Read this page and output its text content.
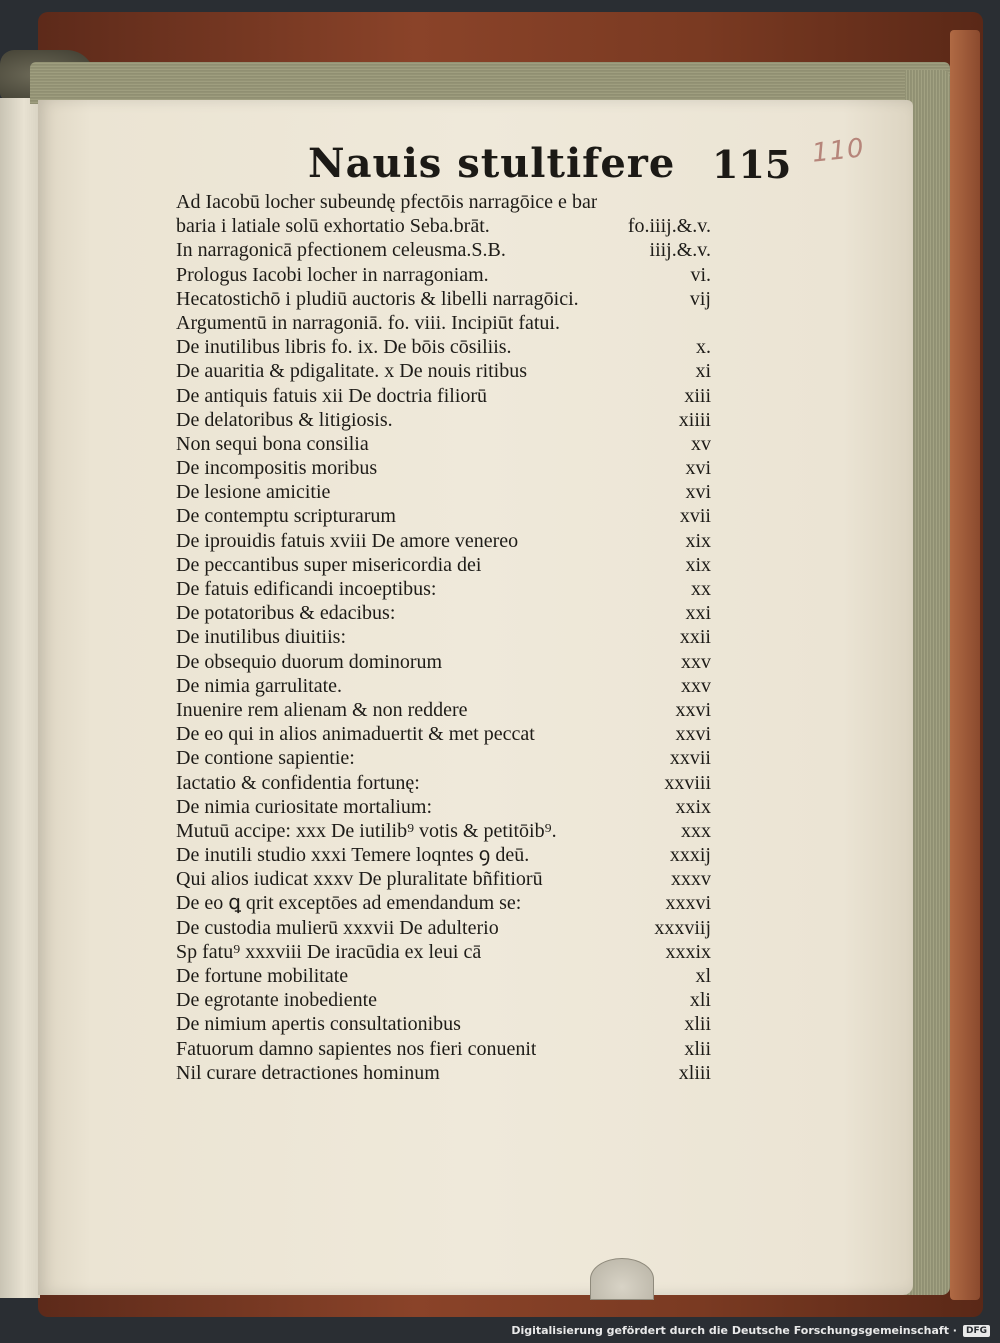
110
Nauis stultifere 115
Ad Iacobū locher subeundę pfectōis narragōice e bar
baria i latiale solū exhortatio Seba.brāt.	fo.iiij.&.v.
In narragonicā pfectionem celeusma.S.B.	iiij.&.v.
Prologus Iacobi locher in narragoniam.	vi.
Hecatostichō i pludiū auctoris & libelli narragōici.	vij
Argumentū in narragoniā. fo. viii. Incipiūt fatui.
De inutilibus libris fo. ix. De bōis cōsiliis.	x.
De auaritia & pdigalitate. x De nouis ritibus	xi
De antiquis fatuis xii De doctria filiorū	xiii
De delatoribus & litigiosis.	xiiii
Non sequi bona consilia	xv
De incompositis moribus	xvi
De lesione amicitie	xvi
De contemptu scripturarum	xvii
De iprouidis fatuis xviii De amore venereo	xix
De peccantibus super misericordia dei	xix
De fatuis edificandi incoeptibus:	xx
De potatoribus & edacibus:	xxi
De inutilibus diuitiis:	xxii
De obsequio duorum dominorum	xxv
De nimia garrulitate.	xxv
Inuenire rem alienam & non reddere	xxvi
De eo qui in alios animaduertit & met peccat	xxvi
De contione sapientie:	xxvii
Iactatio & confidentia fortunę:	xxviii
De nimia curiositate mortalium:	xxix
Mutuū accipe: xxx De iutilib⁹ votis & petitōib⁹.	xxx
De inutili studio xxxi Temere loqntes ꝯ deū.	xxxij
Qui alios iudicat xxxv De pluralitate bñfitiorū	xxxv
De eo ꝗ qrit exceptōes ad emendandum se:	xxxvi
De custodia mulierū xxxvii De adulterio	xxxviij
Sp fatu⁹ xxxviii De iracūdia ex leui cā	xxxix
De fortune mobilitate	xl
De egrotante inobediente	xli
De nimium apertis consultationibus	xlii
Fatuorum damno sapientes nos fieri conuenit	xlii
Nil curare detractiones hominum	xliii
Digitalisierung gefördert durch die Deutsche Forschungsgemeinschaft ·	DFG
